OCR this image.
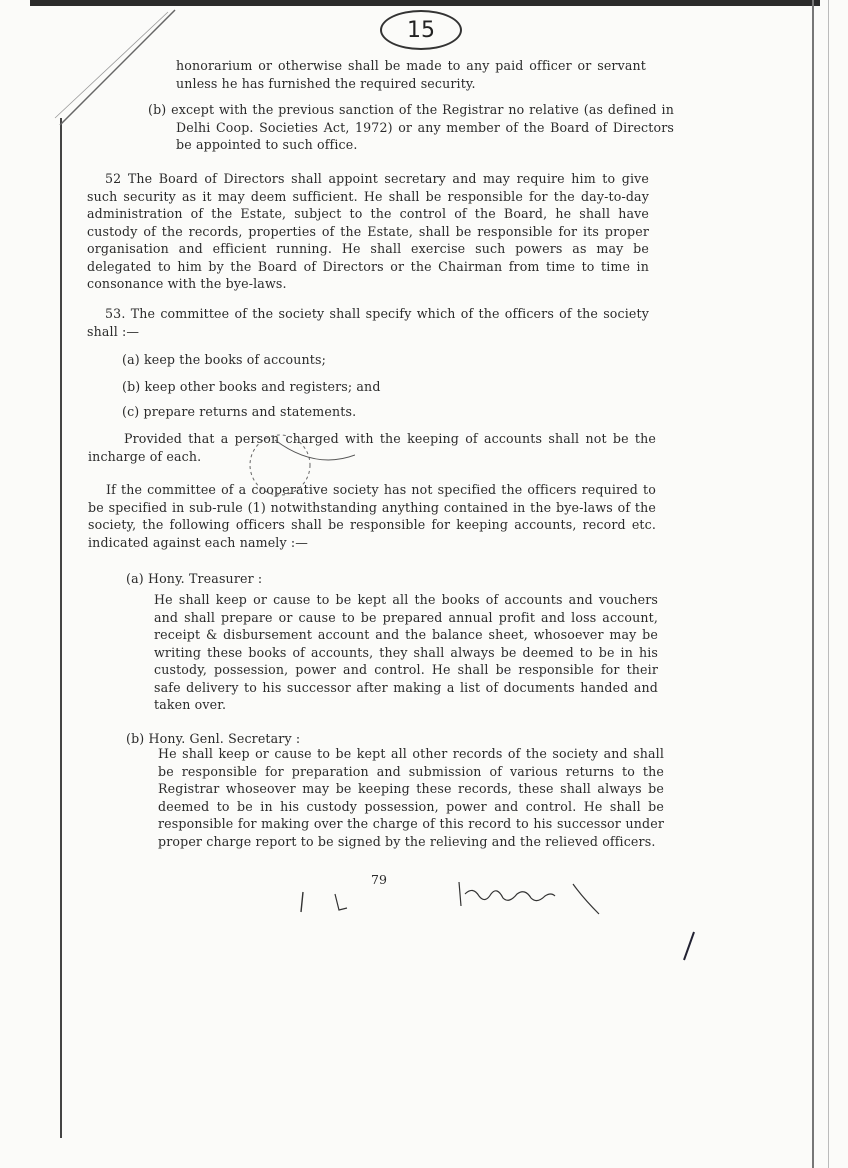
15
honorarium or otherwise shall be made to any paid officer or servant unless he has furnished the required security.
(b) except with the previous sanction of the Registrar no relative (as defined in Delhi Coop. Societies Act, 1972) or any member of the Board of Directors be appointed to such office.
52 The Board of Directors shall appoint secretary and may require him to give such security as it may deem sufficient. He shall be responsible for the day-to-day administration of the Estate, subject to the control of the Board, he shall have custody of the records, properties of the Estate, shall be responsible for its proper organisation and efficient running. He shall exercise such powers as may be delegated to him by the Board of Directors or the Chairman from time to time in consonance with the bye-laws.
53. The committee of the society shall specify which of the officers of the society shall :—
(a) keep the books of accounts;
(b) keep other books and registers; and
(c) prepare returns and statements.
Provided that a person charged with the keeping of accounts shall not be the incharge of each.
If the committee of a cooperative society has not specified the officers required to be specified in sub-rule (1) notwithstanding anything contained in the bye-laws of the society, the following officers shall be responsible for keeping accounts, record etc. indicated against each namely :—
(a) Hony. Treasurer :
He shall keep or cause to be kept all the books of accounts and vouchers and shall prepare or cause to be prepared annual profit and loss account, receipt & disbursement account and the balance sheet, whosoever may be writing these books of accounts, they shall always be deemed to be in his custody, possession, power and control. He shall be responsible for their safe delivery to his successor after making a list of documents handed and taken over.
(b) Hony. Genl. Secretary :
He shall keep or cause to be kept all other records of the society and shall be responsible for preparation and submission of various returns to the Registrar whoseover may be keeping these records, these shall always be deemed to be in his custody possession, power and control. He shall be responsible for making over the charge of this record to his successor under proper charge report to be signed by the relieving and the relieved officers.
79
